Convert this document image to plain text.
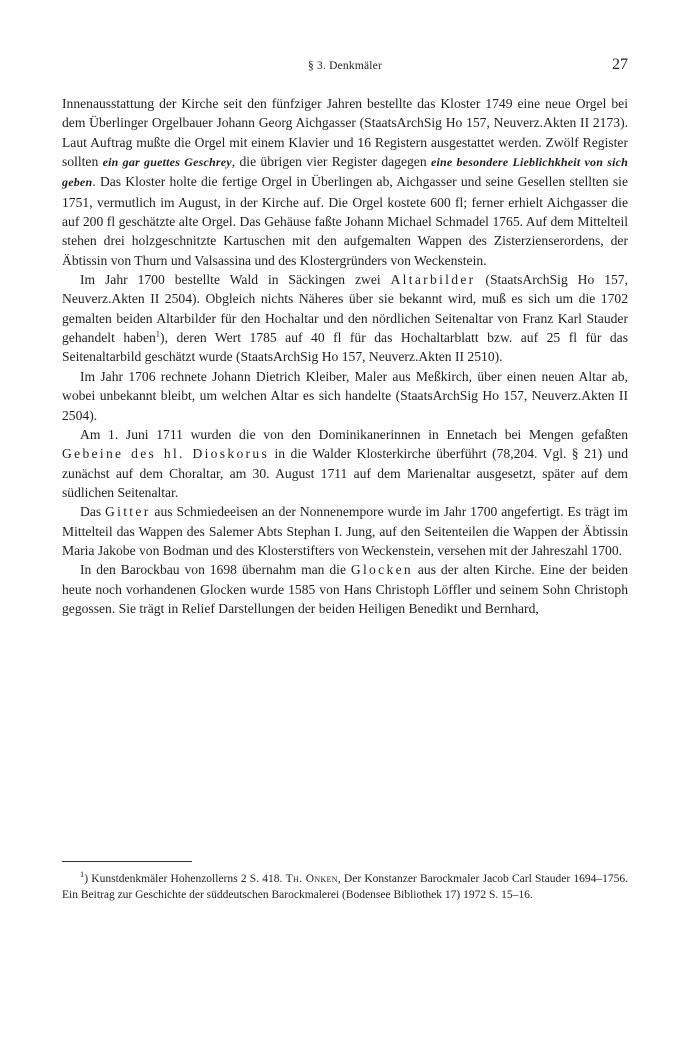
§ 3. Denkmäler	27

Innenausstattung der Kirche seit den fünfziger Jahren bestellte das Kloster 1749 eine neue Orgel bei dem Überlinger Orgelbauer Johann Georg Aichgasser (StaatsArchSig Ho 157, Neuverz.Akten II 2173). Laut Auftrag mußte die Orgel mit einem Klavier und 16 Registern ausgestattet werden. Zwölf Register sollten ein gar guettes Geschrey, die übrigen vier Register dagegen eine besondere Lieblichkheit von sich geben. Das Kloster holte die fertige Orgel in Überlingen ab, Aichgasser und seine Gesellen stellten sie 1751, vermutlich im August, in der Kirche auf. Die Orgel kostete 600 fl; ferner erhielt Aichgasser die auf 200 fl geschätzte alte Orgel. Das Gehäuse faßte Johann Michael Schmadel 1765. Auf dem Mittelteil stehen drei holzgeschnitzte Kartuschen mit den aufgemalten Wappen des Zisterzienserordens, der Äbtissin von Thurn und Valsassina und des Klostergründers von Weckenstein.

Im Jahr 1700 bestellte Wald in Säckingen zwei Altarbilder (StaatsArchSig Ho 157, Neuverz.Akten II 2504). Obgleich nichts Näheres über sie bekannt wird, muß es sich um die 1702 gemalten beiden Altarbilder für den Hochaltar und den nördlichen Seitenaltar von Franz Karl Stauder gehandelt haben$^1$), deren Wert 1785 auf 40 fl für das Hochaltarblatt bzw. auf 25 fl für das Seitenaltarbild geschätzt wurde (StaatsArchSig Ho 157, Neuverz.Akten II 2510).

Im Jahr 1706 rechnete Johann Dietrich Kleiber, Maler aus Meßkirch, über einen neuen Altar ab, wobei unbekannt bleibt, um welchen Altar es sich handelte (StaatsArchSig Ho 157, Neuverz.Akten II 2504).

Am 1. Juni 1711 wurden die von den Dominikanerinnen in Ennetach bei Mengen gefaßten Gebeine des hl. Dioskorus in die Walder Klosterkirche überführt (78,204. Vgl. § 21) und zunächst auf dem Choraltar, am 30. August 1711 auf dem Marienaltar ausgesetzt, später auf dem südlichen Seitenaltar.

Das Gitter aus Schmiedeeisen an der Nonnenempore wurde im Jahr 1700 angefertigt. Es trägt im Mittelteil das Wappen des Salemer Abts Stephan I. Jung, auf den Seitenteilen die Wappen der Äbtissin Maria Jakobe von Bodman und des Klosterstifters von Weckenstein, versehen mit der Jahreszahl 1700.

In den Barockbau von 1698 übernahm man die Glocken aus der alten Kirche. Eine der beiden heute noch vorhandenen Glocken wurde 1585 von Hans Christoph Löffler und seinem Sohn Christoph gegossen. Sie trägt in Relief Darstellungen der beiden Heiligen Benedikt und Bernhard,

$^1$) Kunstdenkmäler Hohenzollerns 2 S. 418. Th. Onken, Der Konstanzer Barockmaler Jacob Carl Stauder 1694–1756. Ein Beitrag zur Geschichte der süddeutschen Barockmalerei (Bodensee Bibliothek 17) 1972 S. 15–16.
